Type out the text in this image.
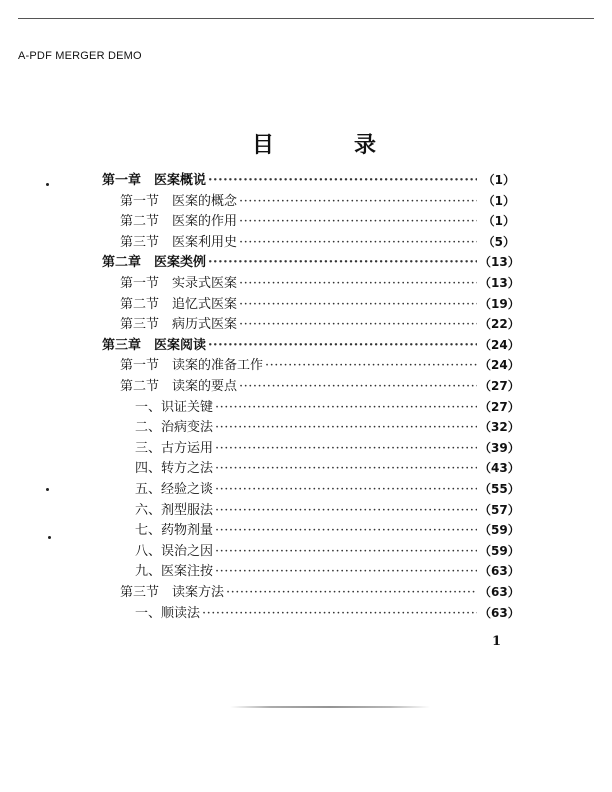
A-PDF MERGER DEMO
目	录
第一章　医案概说 ·····	（1）
第一节　医案的概念 ·····	（1）
第二节　医案的作用 ·····	（1）
第三节　医案利用史 ·····	（5）
第二章　医案类例 ·····	（13）
第一节　实录式医案 ·····	（13）
第二节　追忆式医案 ·····	（19）
第三节　病历式医案 ·····	（22）
第三章　医案阅读 ·····	（24）
第一节　读案的准备工作 ·····	（24）
第二节　读案的要点 ·····	（27）
一、识证关键 ·····	（27）
二、治病变法 ·····	（32）
三、古方运用 ·····	（39）
四、转方之法 ·····	（43）
五、经验之谈 ·····	（55）
六、剂型服法 ·····	（57）
七、药物剂量 ·····	（59）
八、误治之因 ·····	（59）
九、医案注按 ·····	（63）
第三节　读案方法 ·····	（63）
一、顺读法 ·····	（63）
1
